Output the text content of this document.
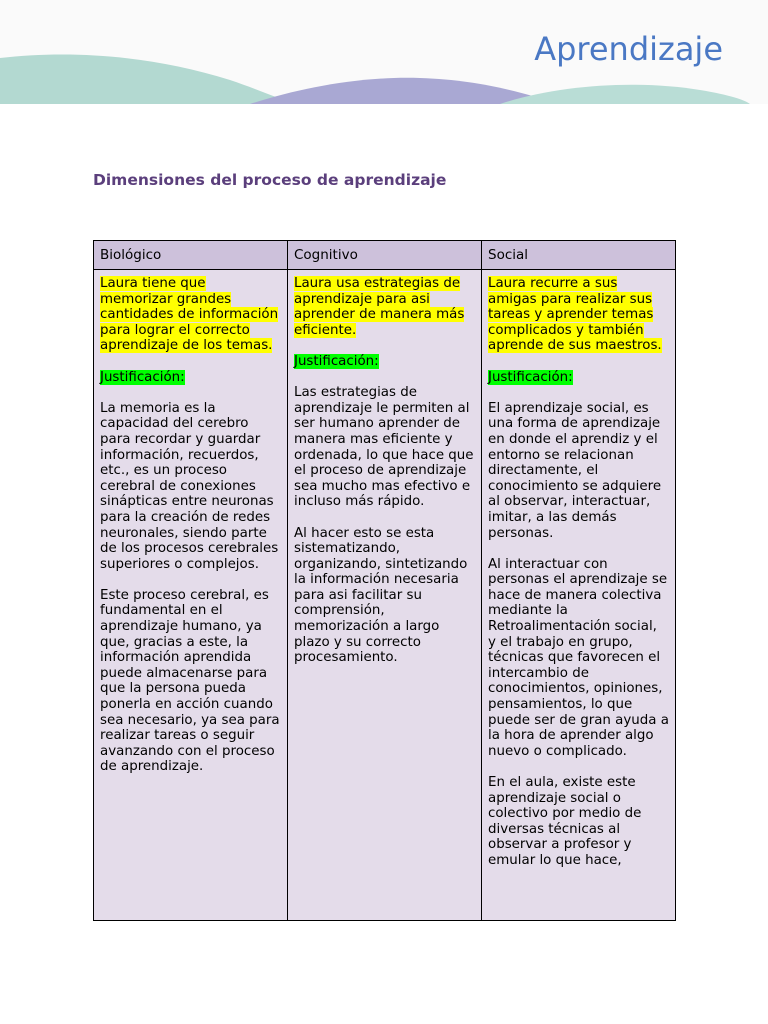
Aprendizaje
Dimensiones del proceso de aprendizaje
Biológico	Cognitivo	Social

Laura tiene que memorizar grandes cantidades de información para lograr el correcto aprendizaje de los temas.

Justificación:

La memoria es la capacidad del cerebro para recordar y guardar información, recuerdos, etc., es un proceso cerebral de conexiones sinápticas entre neuronas para la creación de redes neuronales, siendo parte de los procesos cerebrales superiores o complejos.

Este proceso cerebral, es fundamental en el aprendizaje humano, ya que, gracias a este, la información aprendida puede almacenarse para que la persona pueda ponerla en acción cuando sea necesario, ya sea para realizar tareas o seguir avanzando con el proceso de aprendizaje.

Laura usa estrategias de aprendizaje para asi aprender de manera más eficiente.

Justificación:

Las estrategias de aprendizaje le permiten al ser humano aprender de manera mas eficiente y ordenada, lo que hace que el proceso de aprendizaje sea mucho mas efectivo e incluso más rápido.

Al hacer esto se esta sistematizando, organizando, sintetizando la información necesaria para asi facilitar su comprensión, memorización a largo plazo y su correcto procesamiento.

Laura recurre a sus amigas para realizar sus tareas y aprender temas complicados y también aprende de sus maestros.

Justificación:

El aprendizaje social, es una forma de aprendizaje en donde el aprendiz y el entorno se relacionan directamente, el conocimiento se adquiere al observar, interactuar, imitar, a las demás personas.

Al interactuar con personas el aprendizaje se hace de manera colectiva mediante la Retroalimentación social, y el trabajo en grupo, técnicas que favorecen el intercambio de conocimientos, opiniones, pensamientos, lo que puede ser de gran ayuda a la hora de aprender algo nuevo o complicado.

En el aula, existe este aprendizaje social o colectivo por medio de diversas técnicas al observar a profesor y emular lo que hace,
